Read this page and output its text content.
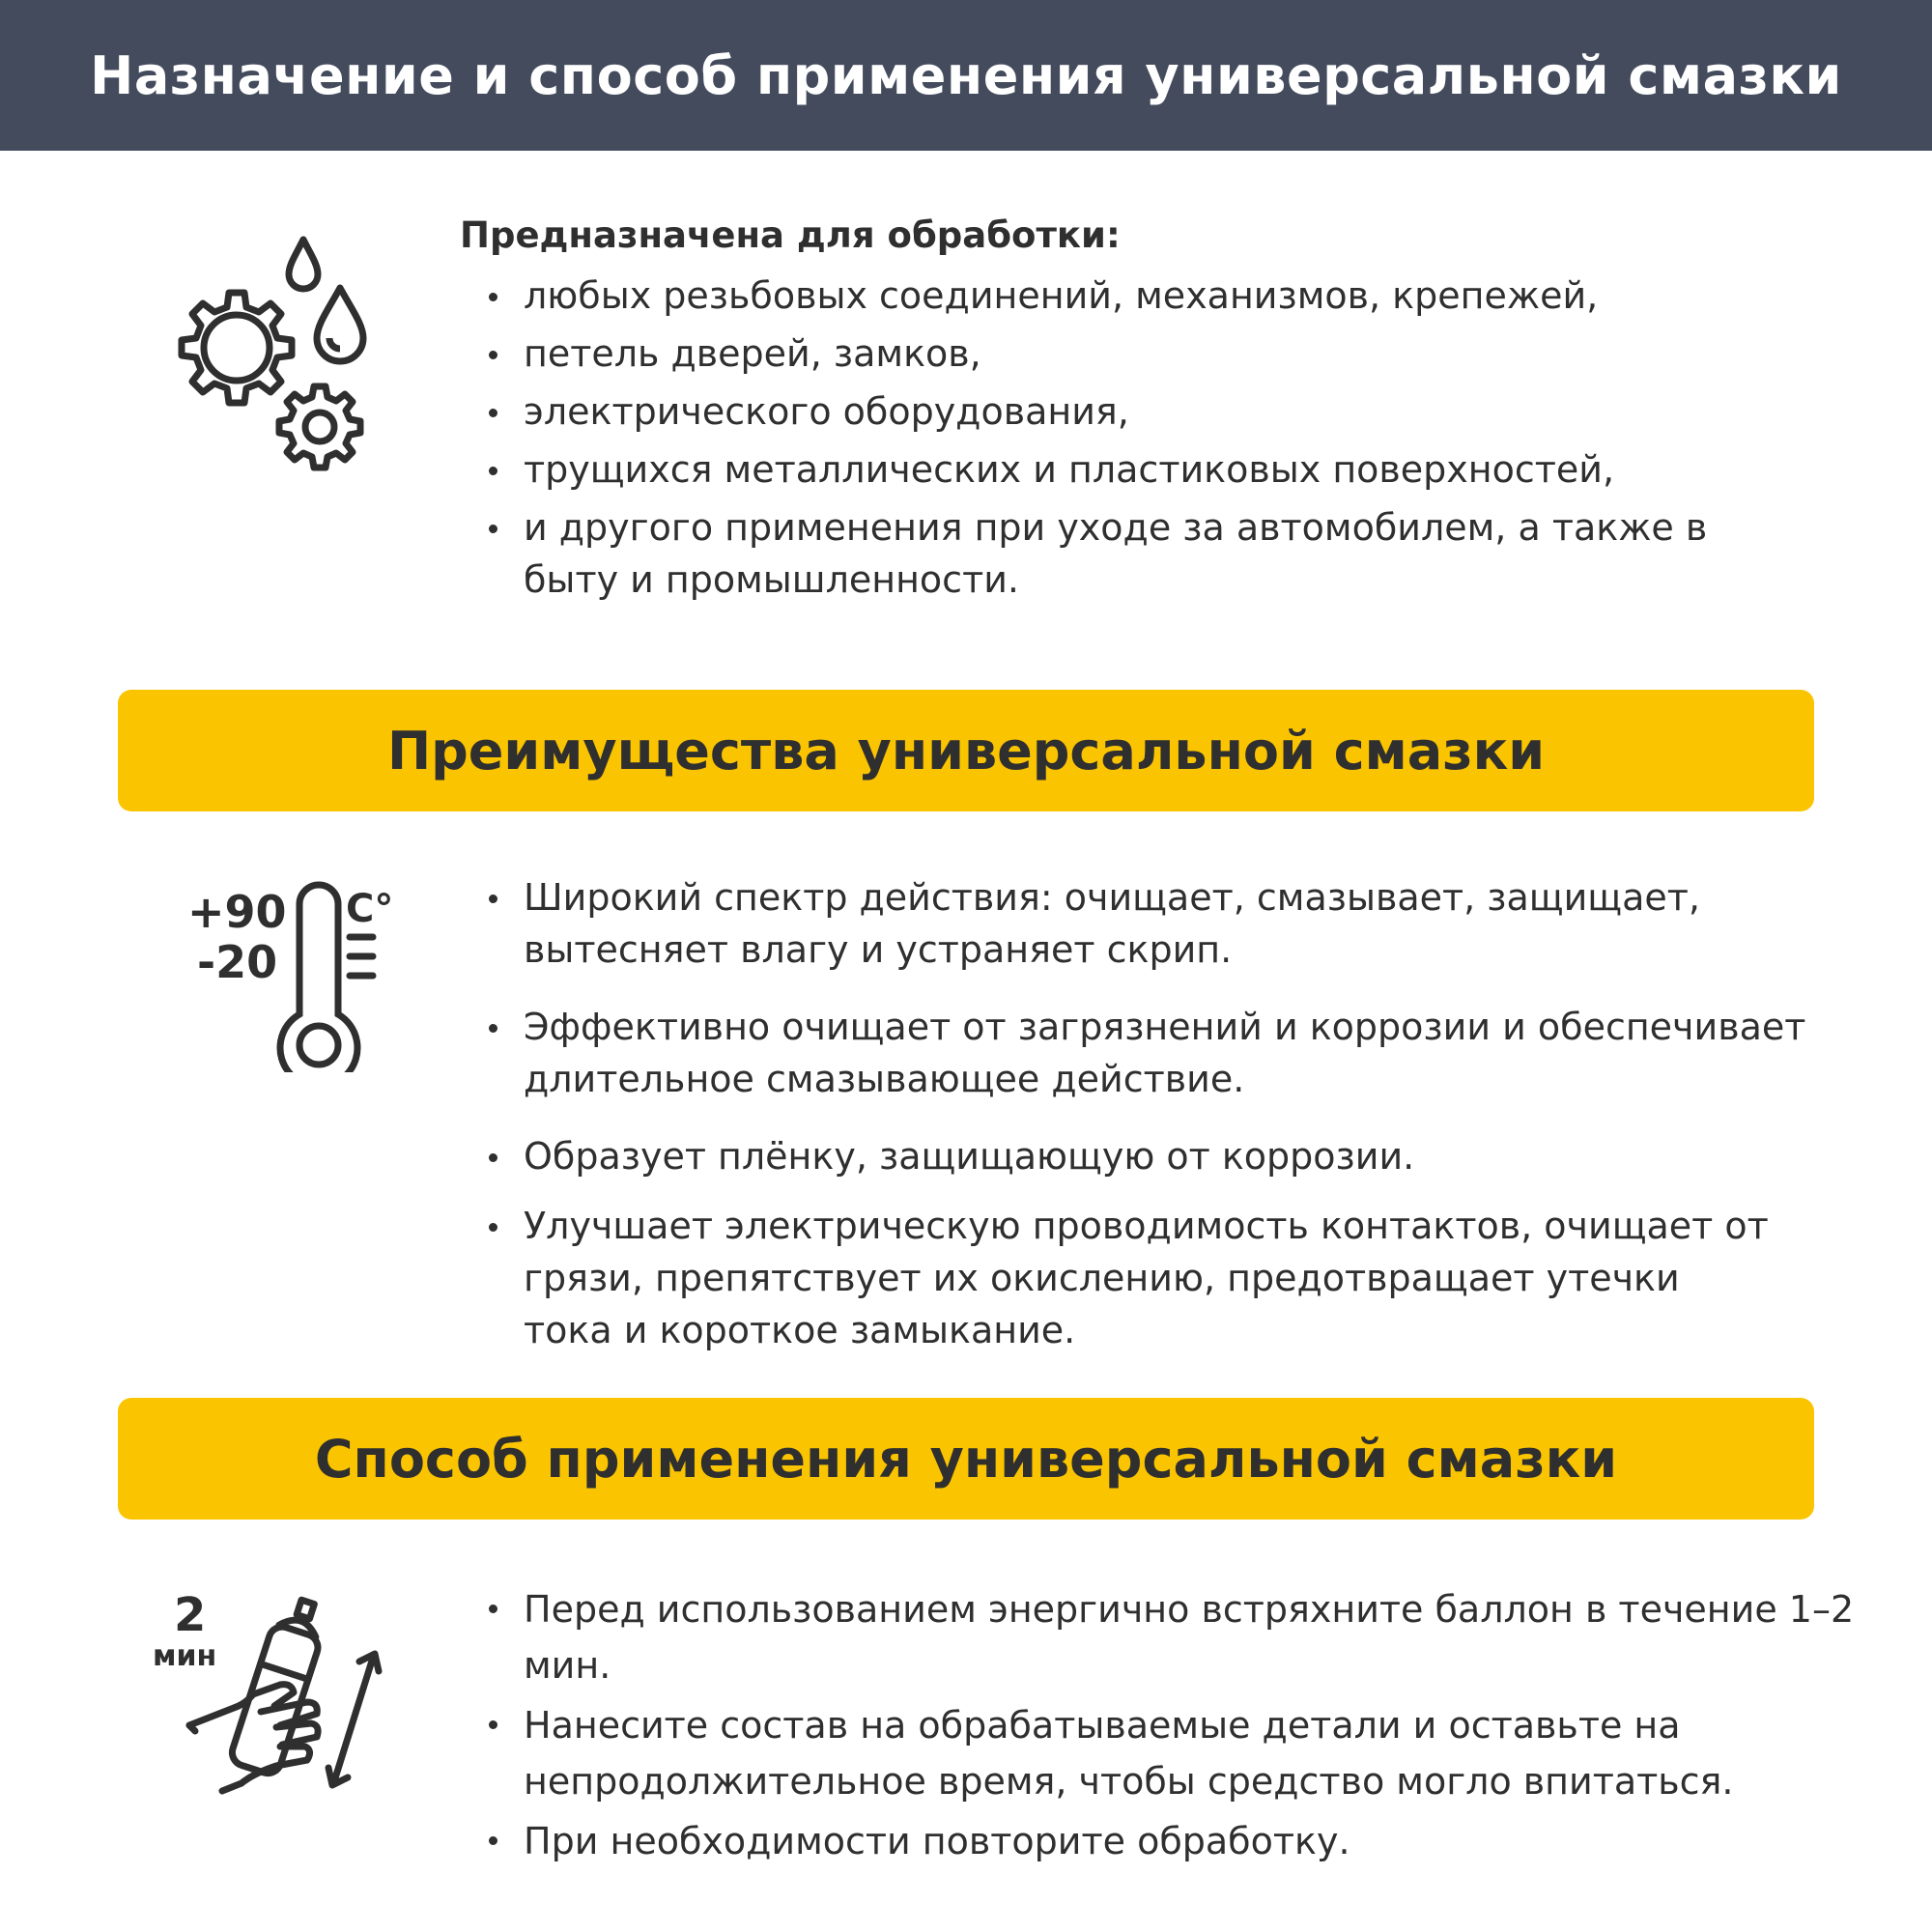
Назначение и способ применения универсальной смазки

Предназначена для обработки:

любых резьбовых соединений, механизмов, крепежей,
петель дверей, замков,
электрического оборудования,
трущихся металлических и пластиковых поверхностей,
и другого применения при уходе за автомобилем, а также в быту и промышленности.
Преимущества универсальной смазки
+90
-20
C°	Широкий спектр действия: очищает, смазывает, защищает, вытесняет влагу и устраняет скрип.
Эффективно очищает от загрязнений и коррозии и обеспечивает длительное смазывающее действие.
Образует плёнку, защищающую от коррозии.
Улучшает электрическую проводимость контактов, очищает от грязи, препятствует их окислению, предотвращает утечки тока и короткое замыкание.
Способ применения универсальной смазки
2
мин
Перед использованием энергично встряхните баллон в течение 1–2 мин.
Нанесите состав на обрабатываемые детали и оставьте на непродолжительное время, чтобы средство могло впитаться.
При необходимости повторите обработку.
